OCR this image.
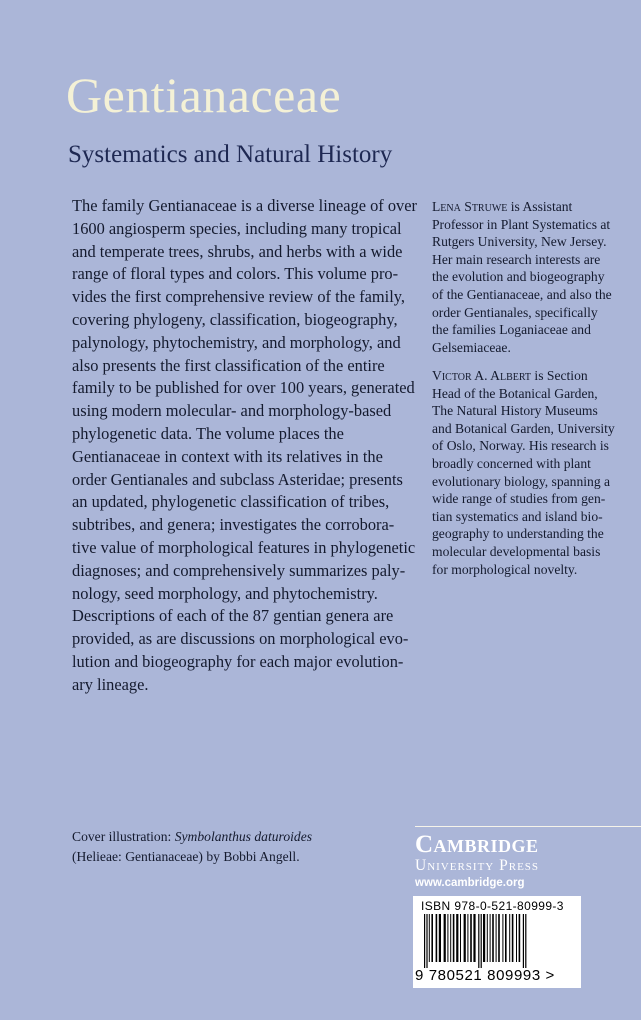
Gentianaceae
Systematics and Natural History
The family Gentianaceae is a diverse lineage of over
1600 angiosperm species, including many tropical
and temperate trees, shrubs, and herbs with a wide
range of floral types and colors. This volume pro-
vides the first comprehensive review of the family,
covering phylogeny, classification, biogeography,
palynology, phytochemistry, and morphology, and
also presents the first classification of the entire
family to be published for over 100 years, generated
using modern molecular- and morphology-based
phylogenetic data. The volume places the
Gentianaceae in context with its relatives in the
order Gentianales and subclass Asteridae; presents
an updated, phylogenetic classification of tribes,
subtribes, and genera; investigates the corrobora-
tive value of morphological features in phylogenetic
diagnoses; and comprehensively summarizes paly-
nology, seed morphology, and phytochemistry.
Descriptions of each of the 87 gentian genera are
provided, as are discussions on morphological evo-
lution and biogeography for each major evolution-
ary lineage.
Lena Struwe is Assistant
Professor in Plant Systematics at
Rutgers University, New Jersey.
Her main research interests are
the evolution and biogeography
of the Gentianaceae, and also the
order Gentianales, specifically
the families Loganiaceae and
Gelsemiaceae.
Victor A. Albert is Section
Head of the Botanical Garden,
The Natural History Museums
and Botanical Garden, University
of Oslo, Norway. His research is
broadly concerned with plant
evolutionary biology, spanning a
wide range of studies from gen-
tian systematics and island bio-
geography to understanding the
molecular developmental basis
for morphological novelty.
Cover illustration: Symbolanthus daturoides
(Helieae: Gentianaceae) by Bobbi Angell.	Cambridge
University Press
www.cambridge.org
ISBN 978-0-521-80999-3
9 780521 809993 >
